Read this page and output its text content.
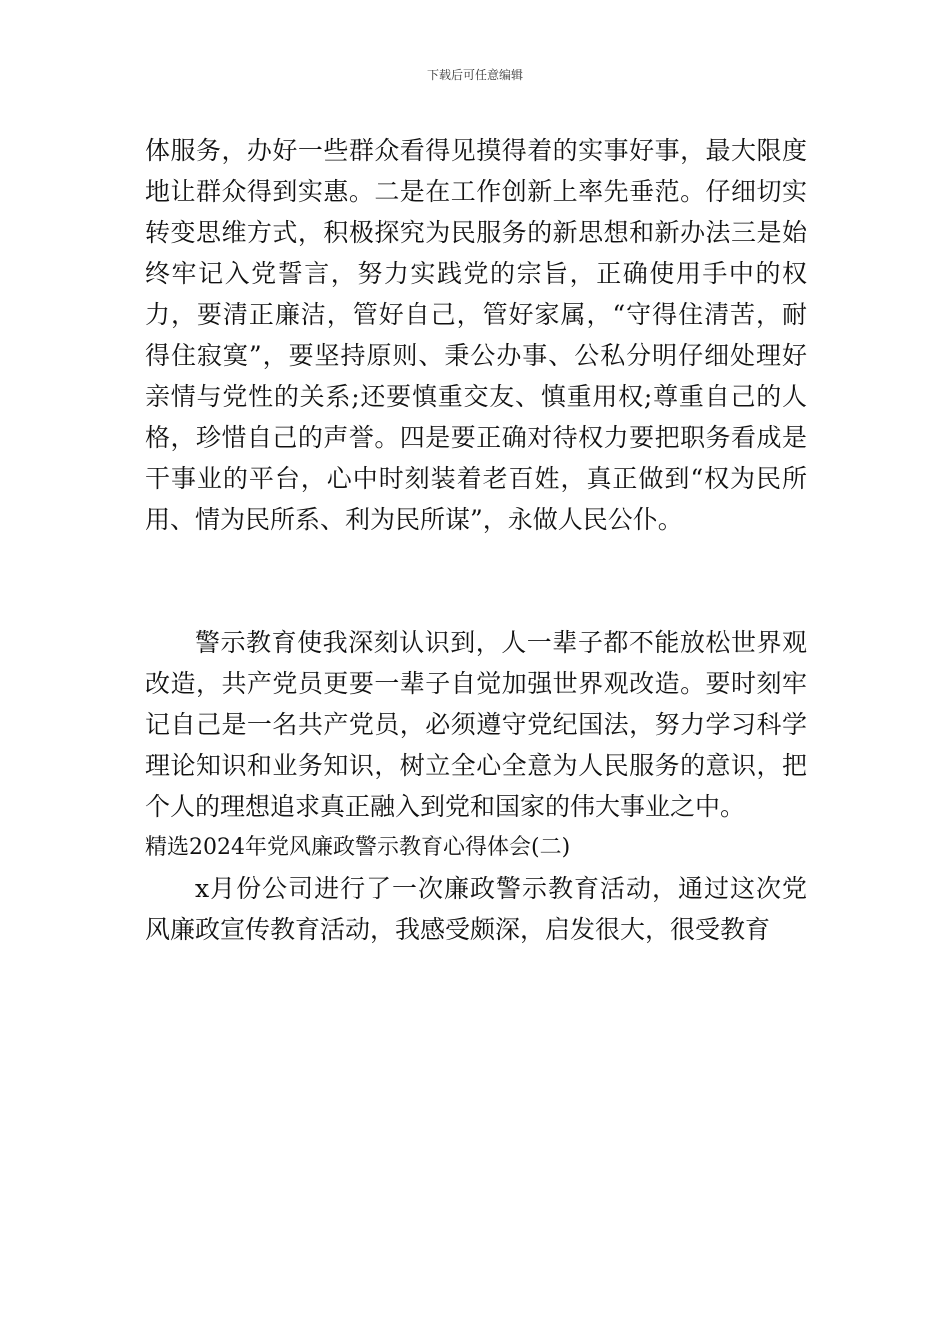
下载后可任意编辑

体服务，办好一些群众看得见摸得着的实事好事，最大限度地让群众得到实惠。二是在工作创新上率先垂范。仔细切实转变思维方式，积极探究为民服务的新思想和新办法三是始终牢记入党誓言，努力实践党的宗旨，正确使用手中的权力，要清正廉洁，管好自己，管好家属，“守得住清苦，耐得住寂寞”，要坚持原则、秉公办事、公私分明仔细处理好亲情与党性的关系;还要慎重交友、慎重用权;尊重自己的人格，珍惜自己的声誉。四是要正确对待权力要把职务看成是干事业的平台，心中时刻装着老百姓，真正做到“权为民所用、情为民所系、利为民所谋”，永做人民公仆。

警示教育使我深刻认识到，人一辈子都不能放松世界观改造，共产党员更要一辈子自觉加强世界观改造。要时刻牢记自己是一名共产党员，必须遵守党纪国法，努力学习科学理论知识和业务知识，树立全心全意为人民服务的意识，把个人的理想追求真正融入到党和国家的伟大事业之中。

精选2024年党风廉政警示教育心得体会(二)

x月份公司进行了一次廉政警示教育活动，通过这次党风廉政宣传教育活动，我感受颇深，启发很大，很受教育
